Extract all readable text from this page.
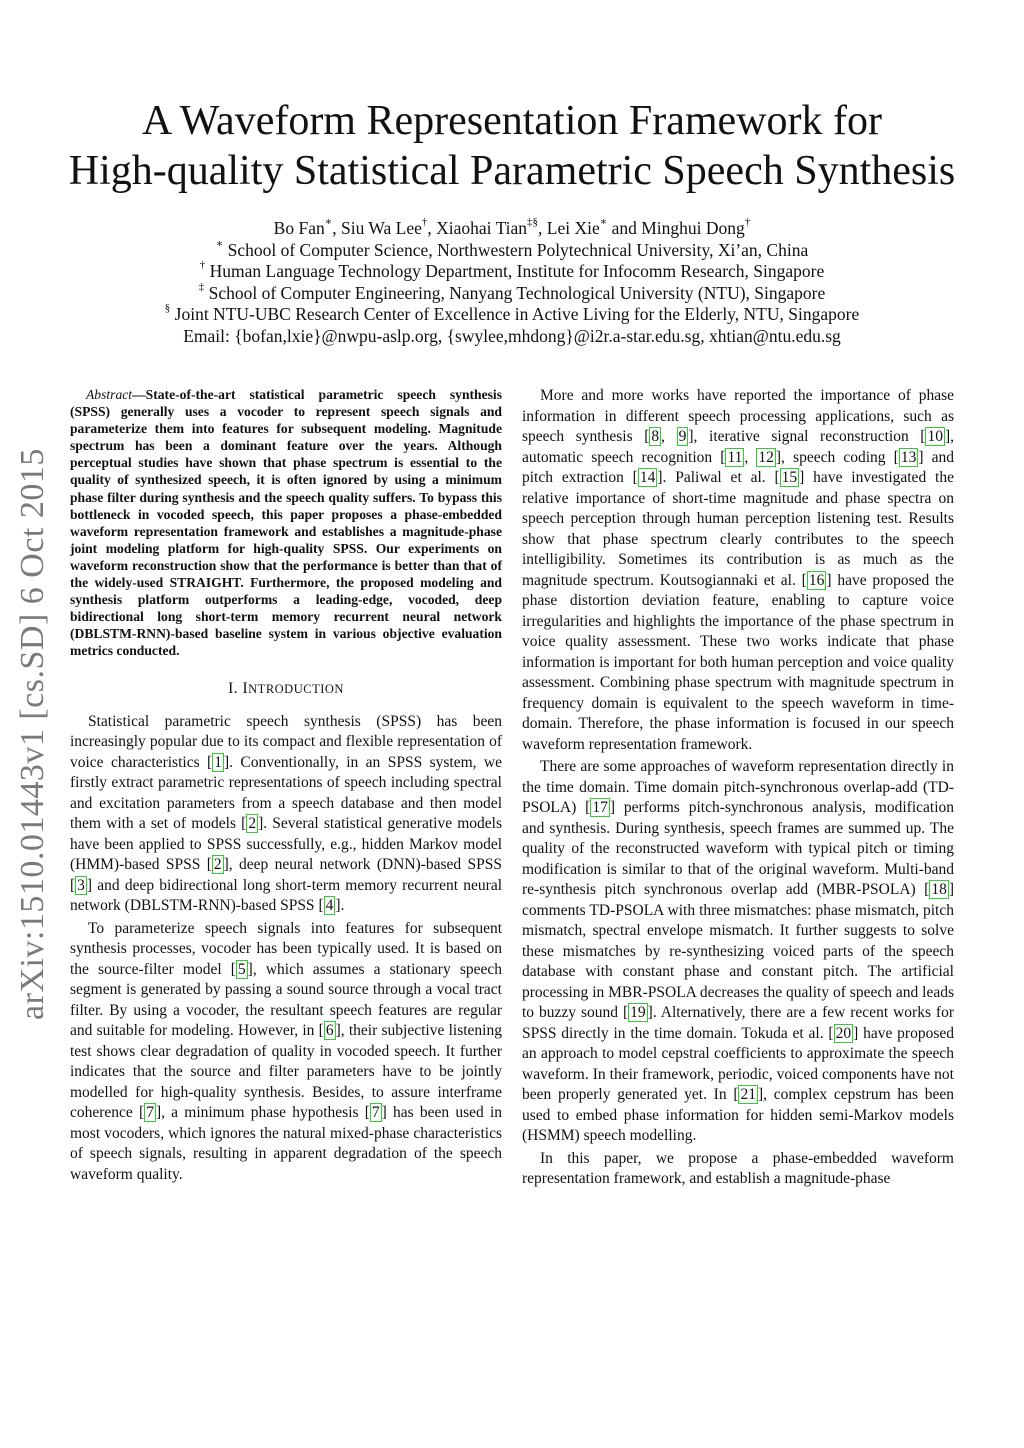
arXiv:1510.01443v1 [cs.SD] 6 Oct 2015
A Waveform Representation Framework for
High-quality Statistical Parametric Speech Synthesis
Bo Fan∗, Siu Wa Lee†, Xiaohai Tian‡§, Lei Xie∗ and Minghui Dong†
∗ School of Computer Science, Northwestern Polytechnical University, Xi’an, China
† Human Language Technology Department, Institute for Infocomm Research, Singapore
‡ School of Computer Engineering, Nanyang Technological University (NTU), Singapore
§ Joint NTU-UBC Research Center of Excellence in Active Living for the Elderly, NTU, Singapore
Email: {bofan,lxie}@nwpu-aslp.org, {swylee,mhdong}@i2r.a-star.edu.sg, xhtian@ntu.edu.sg

Abstract—State-of-the-art statistical parametric speech synthesis (SPSS) generally uses a vocoder to represent speech signals and parameterize them into features for subsequent modeling. Magnitude spectrum has been a dominant feature over the years. Although perceptual studies have shown that phase spectrum is essential to the quality of synthesized speech, it is often ignored by using a minimum phase filter during synthesis and the speech quality suffers. To bypass this bottleneck in vocoded speech, this paper proposes a phase-embedded waveform representation framework and establishes a magnitude-phase joint modeling platform for high-quality SPSS. Our experiments on waveform reconstruction show that the performance is better than that of the widely-used STRAIGHT. Furthermore, the proposed modeling and synthesis platform outperforms a leading-edge, vocoded, deep bidirectional long short-term memory recurrent neural network (DBLSTM-RNN)-based baseline system in various objective evaluation metrics conducted.

I. INTRODUCTION

Statistical parametric speech synthesis (SPSS) has been increasingly popular due to its compact and flexible representation of voice characteristics [ 1 ]. Conventionally, in an SPSS system, we firstly extract parametric representations of speech including spectral and excitation parameters from a speech database and then model them with a set of models [ 2 ]. Several statistical generative models have been applied to SPSS successfully, e.g., hidden Markov model (HMM)-based SPSS [ 2 ], deep neural network (DNN)-based SPSS [ 3 ] and deep bidirectional long short-term memory recurrent neural network (DBLSTM-RNN)-based SPSS [ 4 ].

To parameterize speech signals into features for subsequent synthesis processes, vocoder has been typically used. It is based on the source-filter model [ 5 ], which assumes a stationary speech segment is generated by passing a sound source through a vocal tract filter. By using a vocoder, the resultant speech features are regular and suitable for modeling. However, in [ 6 ], their subjective listening test shows clear degradation of quality in vocoded speech. It further indicates that the source and filter parameters have to be jointly modelled for high-quality synthesis. Besides, to assure interframe coherence [ 7 ], a minimum phase hypothesis [ 7 ] has been used in most vocoders, which ignores the natural mixed-phase characteristics of speech signals, resulting in apparent degradation of the speech waveform quality.

More and more works have reported the importance of phase information in different speech processing applications, such as speech synthesis [ 8 , 9 ], iterative signal reconstruction [ 10 ], automatic speech recognition [ 11 , 12 ], speech coding [ 13 ] and pitch extraction [ 14 ]. Paliwal et al. [ 15 ] have investigated the relative importance of short-time magnitude and phase spectra on speech perception through human perception listening test. Results show that phase spectrum clearly contributes to the speech intelligibility. Sometimes its contribution is as much as the magnitude spectrum. Koutsogiannaki et al. [ 16 ] have proposed the phase distortion deviation feature, enabling to capture voice irregularities and highlights the importance of the phase spectrum in voice quality assessment. These two works indicate that phase information is important for both human perception and voice quality assessment. Combining phase spectrum with magnitude spectrum in frequency domain is equivalent to the speech waveform in time-domain. Therefore, the phase information is focused in our speech waveform representation framework.

There are some approaches of waveform representation directly in the time domain. Time domain pitch-synchronous overlap-add (TD-PSOLA) [ 17 ] performs pitch-synchronous analysis, modification and synthesis. During synthesis, speech frames are summed up. The quality of the reconstructed waveform with typical pitch or timing modification is similar to that of the original waveform. Multi-band re-synthesis pitch synchronous overlap add (MBR-PSOLA) [ 18 ] comments TD-PSOLA with three mismatches: phase mismatch, pitch mismatch, spectral envelope mismatch. It further suggests to solve these mismatches by re-synthesizing voiced parts of the speech database with constant phase and constant pitch. The artificial processing in MBR-PSOLA decreases the quality of speech and leads to buzzy sound [ 19 ]. Alternatively, there are a few recent works for SPSS directly in the time domain. Tokuda et al. [ 20 ] have proposed an approach to model cepstral coefficients to approximate the speech waveform. In their framework, periodic, voiced components have not been properly generated yet. In [ 21 ], complex cepstrum has been used to embed phase information for hidden semi-Markov models (HSMM) speech modelling.

In this paper, we propose a phase-embedded waveform representation framework, and establish a magnitude-phase
